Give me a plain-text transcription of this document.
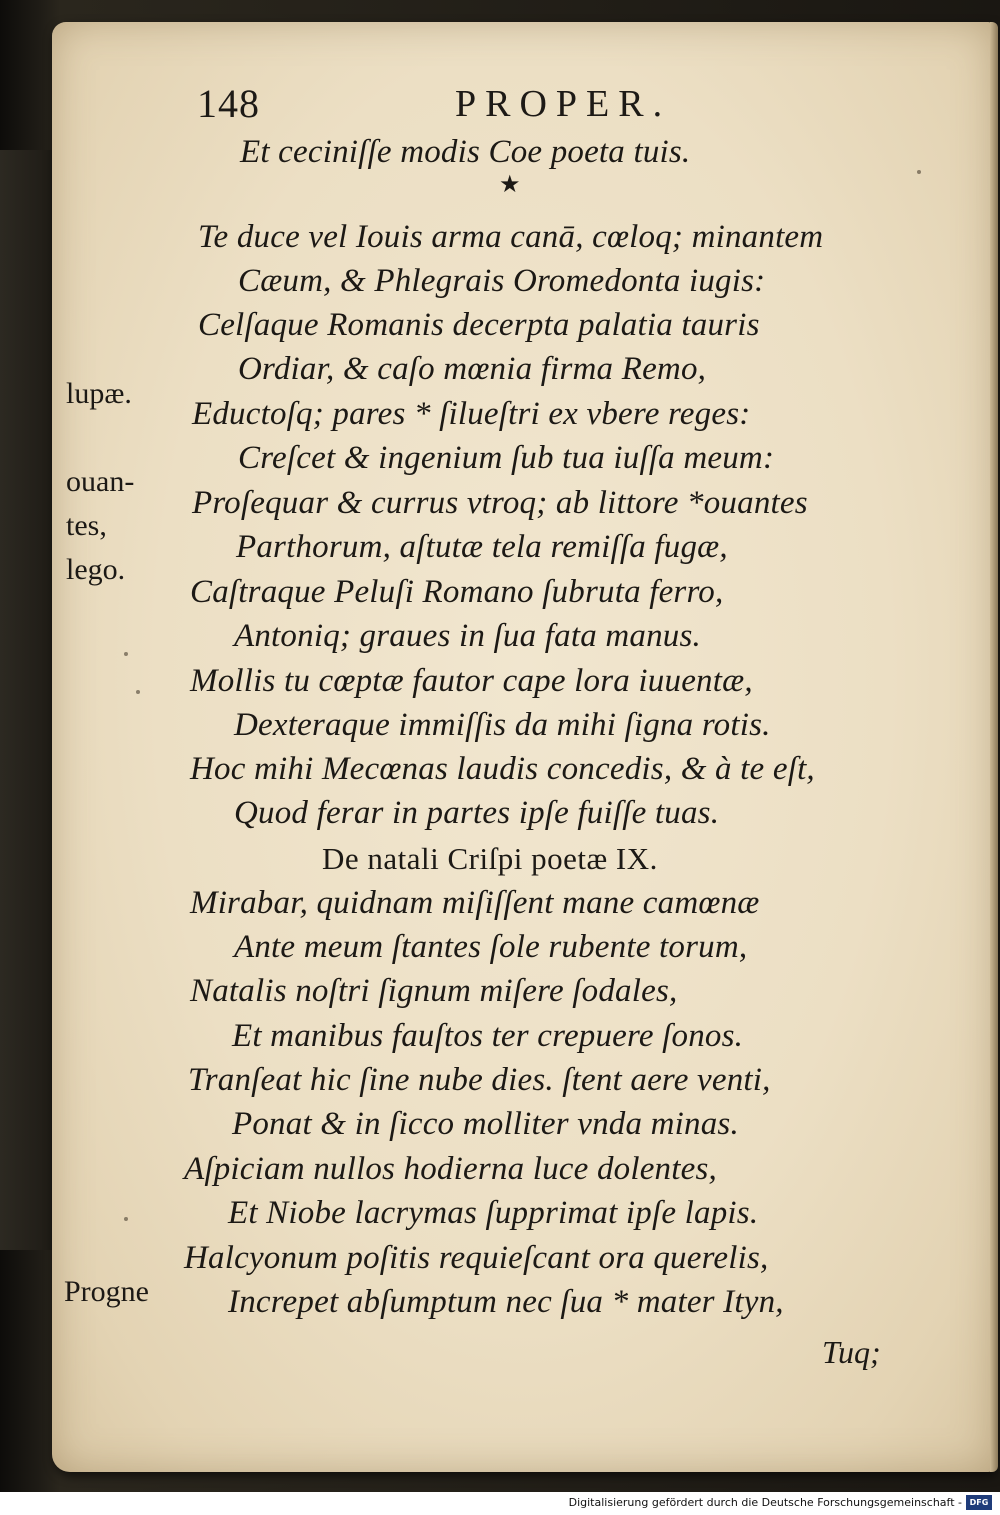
148	PROPER.
★
Et ceciniſſe modis Coe poeta tuis.
Te duce vel Iouis arma canā, cœloq; minantem
Cæum, & Phlegrais Oromedonta iugis:
Celſaque Romanis decerpta palatia tauris
Ordiar, & caſo mœnia firma Remo,
Eductoſq; pares * ſilueſtri ex vbere reges:
Creſcet & ingenium ſub tua iuſſa meum:
Proſequar & currus vtroq; ab littore *ouantes
Parthorum, aſtutæ tela remiſſa fugæ,
Caſtraque Peluſi Romano ſubruta ferro,
Antoniq; graues in ſua fata manus.
Mollis tu cœptæ fautor cape lora iuuentæ,
Dexteraque immiſſis da mihi ſigna rotis.
Hoc mihi Mecœnas laudis concedis, & à te eſt,
Quod ferar in partes ipſe fuiſſe tuas.
De natali Criſpi poetæ IX.
Mirabar, quidnam miſiſſent mane camœnæ
Ante meum ſtantes ſole rubente torum,
Natalis noſtri ſignum miſere ſodales,
Et manibus fauſtos ter crepuere ſonos.
Tranſeat hic ſine nube dies. ſtent aere venti,
Ponat & in ſicco molliter vnda minas.
Aſpiciam nullos hodierna luce dolentes,
Et Niobe lacrymas ſupprimat ipſe lapis.
Halcyonum poſitis requieſcant ora querelis,
Increpet abſumptum nec ſua * mater Ityn,
lupæ.
ouan-
tes,
lego.
Progne
Tuq;
Digitalisierung gefördert durch die Deutsche Forschungsgemeinschaft - DFG
